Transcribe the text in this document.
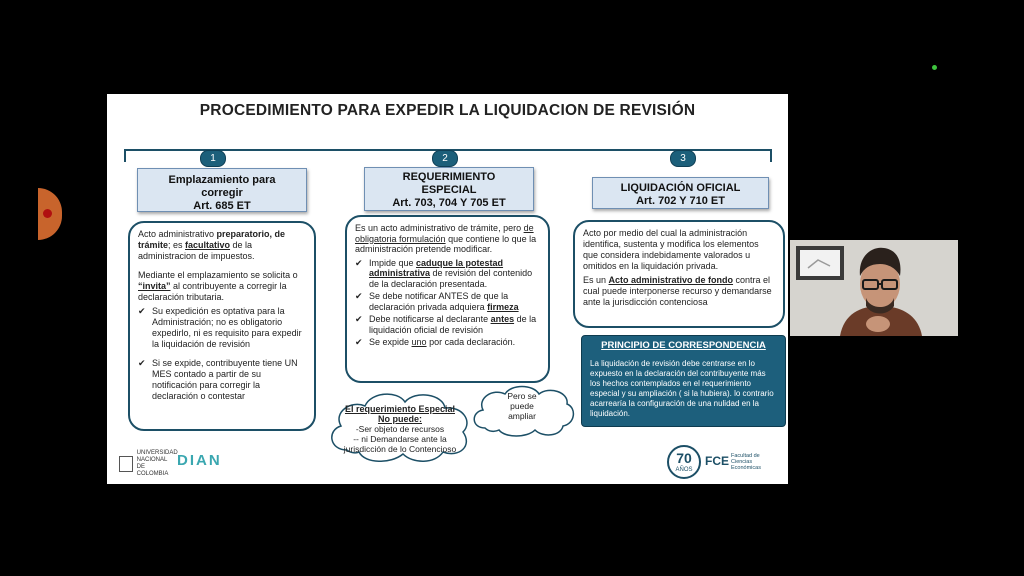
PROCEDIMIENTO PARA EXPEDIR LA LIQUIDACION DE REVISIÓN
1	2	3
Emplazamiento para
corregir
Art. 685 ET
REQUERIMIENTO
ESPECIAL
Art. 703, 704 Y 705 ET
LIQUIDACIÓN OFICIAL
Art. 702 Y 710 ET

Acto administrativo preparatorio, de trámite; es facultativo de la administracion de impuestos.

Mediante el emplazamiento se solicita o “invita” al contribuyente a corregir la declaración tributaria.

✔ Su expedición es optativa para la Administración; no es obligatorio expedirlo, ni es requisito para expedir la liquidación de revisión
✔ Si se expide, contribuyente tiene UN MES contado a partir de su notificación para corregir la declaración o contestar

Es un acto administrativo de trámite, pero de obligatoria formulación que contiene lo que la administración pretende modificar.

✔ Impide que caduque la potestad administrativa de revisión del contenido de la declaración presentada.
✔ Se debe notificar ANTES de que la declaración privada adquiera firmeza
✔ Debe notificarse al declarante antes de la liquidación oficial de revisión
✔ Se expide uno por cada declaración.

Acto por medio del cual la administración identifica, sustenta y modifica los elementos que considera indebidamente valorados u omitidos en la liquidación privada.

Es un Acto administrativo de fondo contra el cual puede interponerse recurso y demandarse ante la jurisdicción contenciosa

PRINCIPIO DE CORRESPONDENCIA
La liquidación de revisión debe centrarse en lo expuesto en la declaración del contribuyente más los hechos contemplados en el requerimiento especial y su ampliación ( si la hubiera). lo contrario acarrearía la configuración de una nulidad en la liquidación.
El requerimiento Especial No puede:
-Ser objeto de recursos
-- ni Demandarse ante la jurisdicción de lo Contencioso
Pero se puede ampliar
UNIVERSIDAD NACIONAL DE COLOMBIA
DIAN	70
AÑOS
FCE Facultad de Ciencias Económicas
